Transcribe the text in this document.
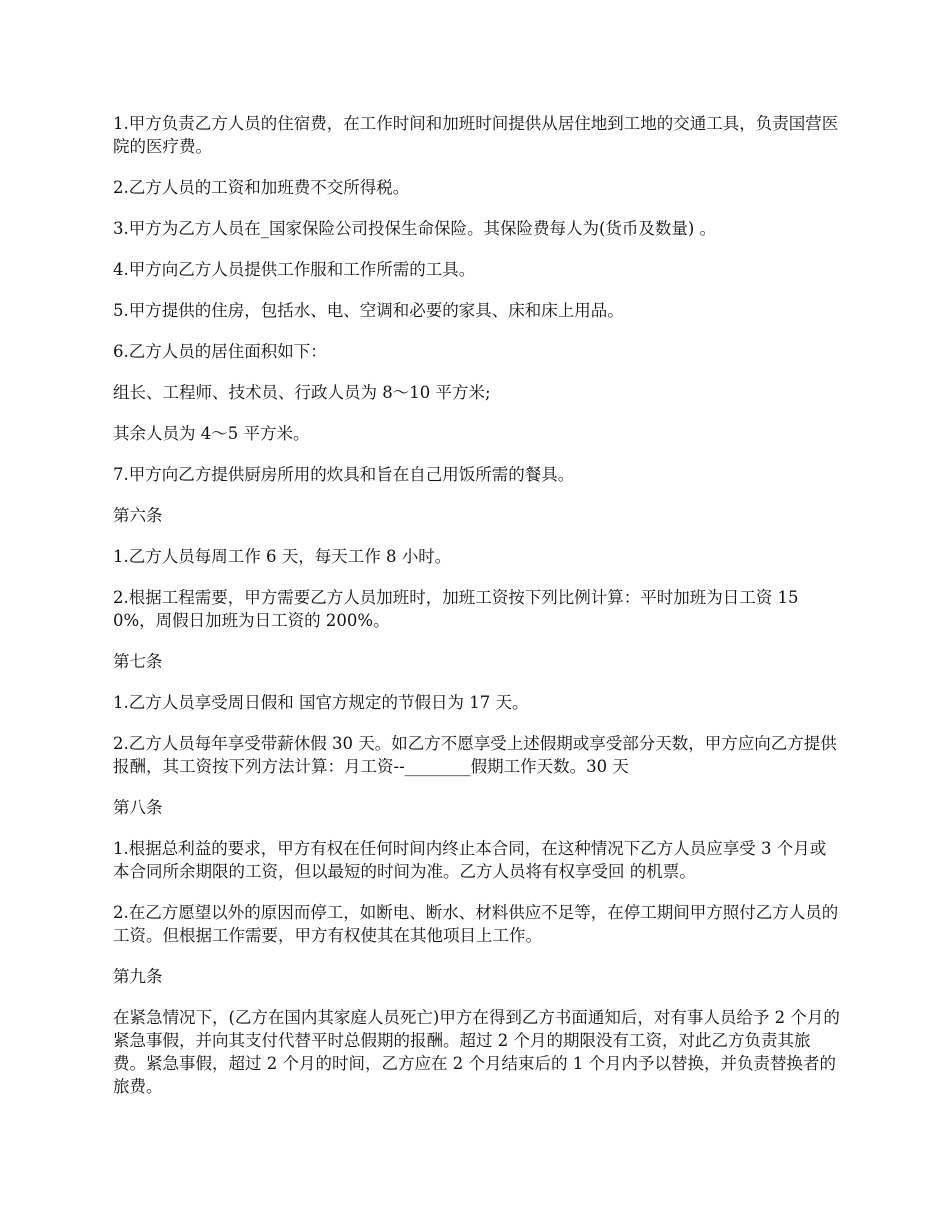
1.甲方负责乙方人员的住宿费，在工作时间和加班时间提供从居住地到工地的交通工具，负责国营医院的医疗费。

2.乙方人员的工资和加班费不交所得税。

3.甲方为乙方人员在_国家保险公司投保生命保险。其保险费每人为(货币及数量) 。

4.甲方向乙方人员提供工作服和工作所需的工具。

5.甲方提供的住房，包括水、电、空调和必要的家具、床和床上用品。

6.乙方人员的居住面积如下：

组长、工程师、技术员、行政人员为 8～10 平方米;

其余人员为 4～5 平方米。

7.甲方向乙方提供厨房所用的炊具和旨在自己用饭所需的餐具。

第六条

1.乙方人员每周工作 6 天，每天工作 8 小时。

2.根据工程需要，甲方需要乙方人员加班时，加班工资按下列比例计算：平时加班为日工资 150%，周假日加班为日工资的 200%。

第七条

1.乙方人员享受周日假和 国官方规定的节假日为 17 天。

2.乙方人员每年享受带薪休假 30 天。如乙方不愿享受上述假期或享受部分天数，甲方应向乙方提供报酬，其工资按下列方法计算：月工资--________假期工作天数。30 天

第八条

1.根据总利益的要求，甲方有权在任何时间内终止本合同，在这种情况下乙方人员应享受 3 个月或本合同所余期限的工资，但以最短的时间为准。乙方人员将有权享受回 的机票。

2.在乙方愿望以外的原因而停工，如断电、断水、材料供应不足等，在停工期间甲方照付乙方人员的工资。但根据工作需要，甲方有权使其在其他项目上工作。

第九条

在紧急情况下，(乙方在国内其家庭人员死亡)甲方在得到乙方书面通知后，对有事人员给予 2 个月的紧急事假，并向其支付代替平时总假期的报酬。超过 2 个月的期限没有工资，对此乙方负责其旅费。紧急事假，超过 2 个月的时间，乙方应在 2 个月结束后的 1 个月内予以替换，并负责替换者的旅费。
